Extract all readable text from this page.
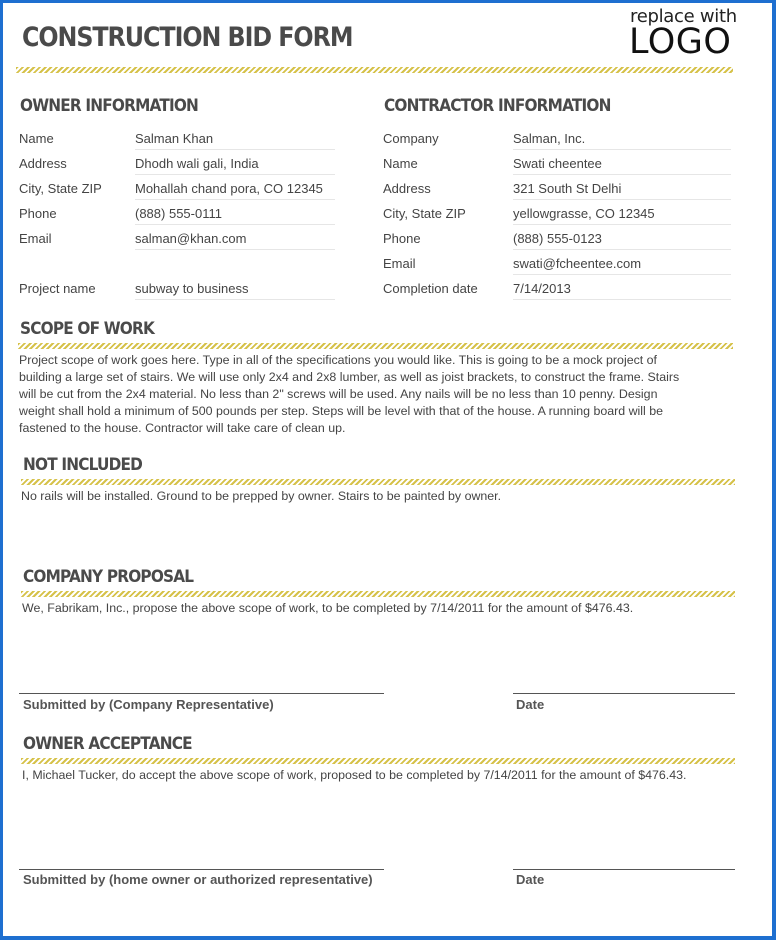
CONSTRUCTION BID FORM
replace with
LOGO
OWNER INFORMATION
Name	Salman Khan
Address	Dhodh wali gali, India
City, State ZIP	Mohallah chand pora, CO 12345
Phone	(888) 555-0111
Email	salman@khan.com
Project name	subway to business
CONTRACTOR INFORMATION
Company	Salman, Inc.
Name	Swati cheentee
Address	321 South St Delhi
City, State ZIP	yellowgrasse, CO 12345
Phone	(888) 555-0123
Email	swati@fcheentee.com
Completion date	7/14/2013
SCOPE OF WORK
Project scope of work goes here. Type in all of the specifications you would like. This is going to be a mock project of
building a large set of stairs. We will use only 2x4 and 2x8 lumber, as well as joist brackets, to construct the frame. Stairs
will be cut from the 2x4 material. No less than 2" screws will be used. Any nails will be no less than 10 penny. Design
weight shall hold a minimum of 500 pounds per step. Steps will be level with that of the house. A running board will be
fastened to the house. Contractor will take care of clean up.
NOT INCLUDED
No rails will be installed. Ground to be prepped by owner. Stairs to be painted by owner.
COMPANY PROPOSAL
We, Fabrikam, Inc., propose the above scope of work, to be completed by 7/14/2011 for the amount of $476.43.
Submitted by (Company Representative)	Date
OWNER ACCEPTANCE
I, Michael Tucker, do accept the above scope of work, proposed to be completed by 7/14/2011 for the amount of $476.43.
Submitted by (home owner or authorized representative)	Date
